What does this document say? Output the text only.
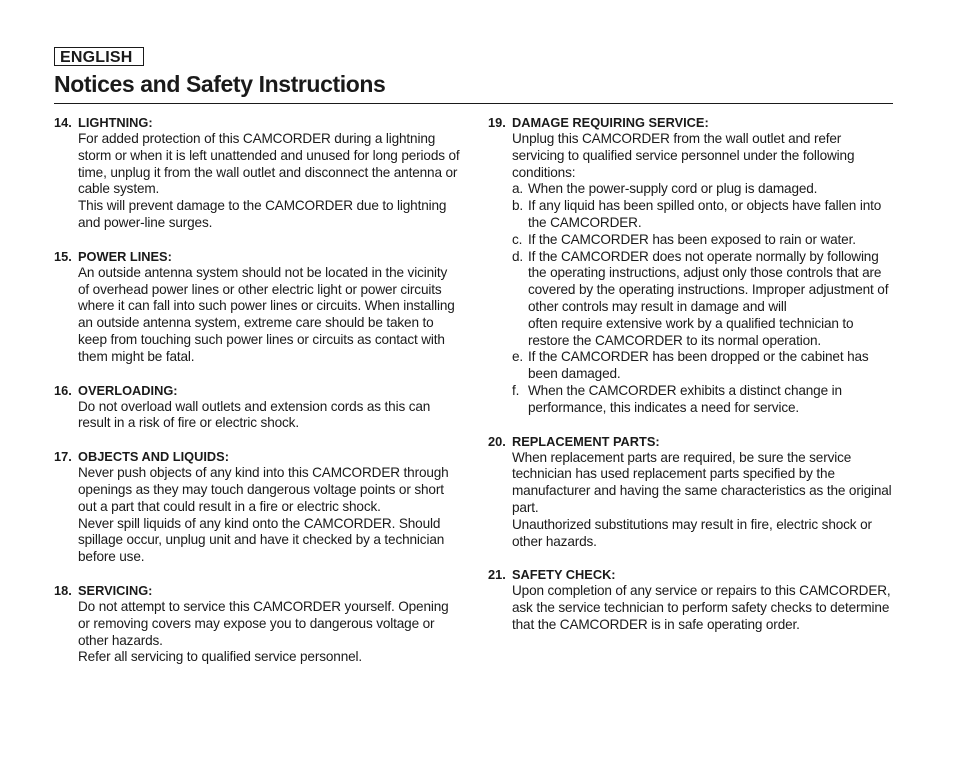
ENGLISH
Notices and Safety Instructions
14. LIGHTNING:

For added protection of this CAMCORDER during a lightning storm or when it is left unattended and unused for long periods of time, unplug it from the wall outlet and disconnect the antenna or cable system.

This will prevent damage to the CAMCORDER due to lightning and power-line surges.

15. POWER LINES:

An outside antenna system should not be located in the vicinity of overhead power lines or other electric light or power circuits where it can fall into such power lines or circuits. When installing an outside antenna system, extreme care should be taken to keep from touching such power lines or circuits as contact with them might be fatal.

16. OVERLOADING:

Do not overload wall outlets and extension cords as this can result in a risk of fire or electric shock.

17. OBJECTS AND LIQUIDS:

Never push objects of any kind into this CAMCORDER through openings as they may touch dangerous voltage points or short out a part that could result in a fire or electric shock.

Never spill liquids of any kind onto the CAMCORDER. Should spillage occur, unplug unit and have it checked by a technician before use.

18. SERVICING:

Do not attempt to service this CAMCORDER yourself. Opening or removing covers may expose you to dangerous voltage or other hazards.

Refer all servicing to qualified service personnel.

19. DAMAGE REQUIRING SERVICE:

Unplug this CAMCORDER from the wall outlet and refer servicing to qualified service personnel under the following conditions:

a. When the power-supply cord or plug is damaged.
b. If any liquid has been spilled onto, or objects have fallen into the CAMCORDER.
c. If the CAMCORDER has been exposed to rain or water.
d. If the CAMCORDER does not operate normally by following the operating instructions, adjust only those controls that are covered by the operating instructions. Improper adjustment of other controls may result in damage and will
often require extensive work by a qualified technician to restore the CAMCORDER to its normal operation.
e. If the CAMCORDER has been dropped or the cabinet has been damaged.
f. When the CAMCORDER exhibits a distinct change in performance, this indicates a need for service.
20. REPLACEMENT PARTS:

When replacement parts are required, be sure the service technician has used replacement parts specified by the manufacturer and having the same characteristics as the original part.

Unauthorized substitutions may result in fire, electric shock or other hazards.

21. SAFETY CHECK:

Upon completion of any service or repairs to this CAMCORDER, ask the service technician to perform safety checks to determine that the CAMCORDER is in safe operating order.
